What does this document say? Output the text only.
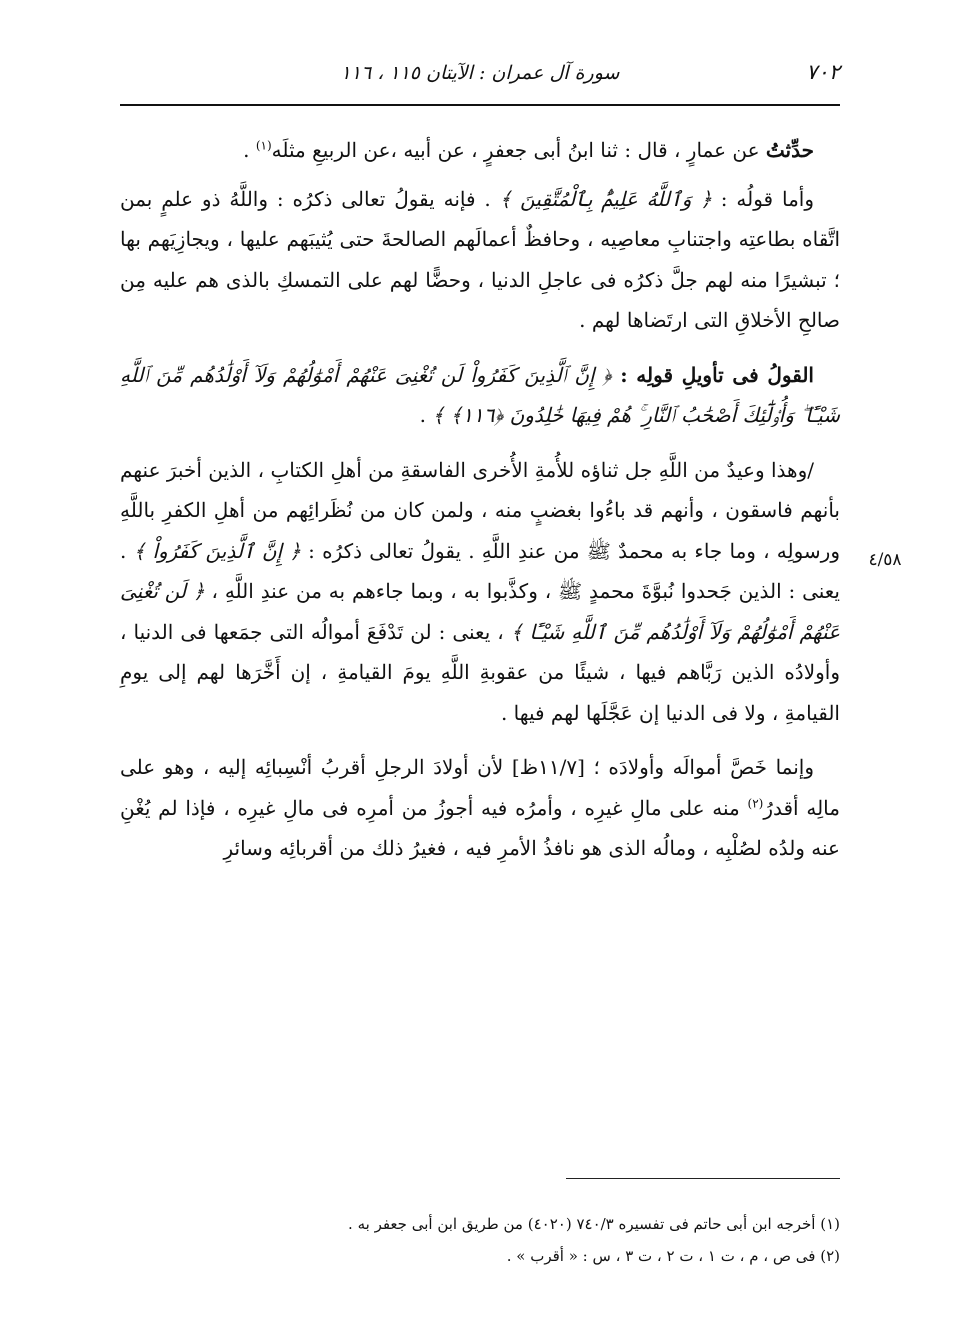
٧٠٢
سورة آل عمران : الآيتان ١١٥ ، ١١٦
٤/٥٨

حدِّثتُ عن عمارٍ ، قال : ثنا ابنُ أبى جعفرٍ ، عن أبيه ،عن الربيعِ مثلَه$^{(١)}$ .

وأما قولُه : ﴿ وَٱللَّهُ عَلِيمٌۢ بِٱلْمُتَّقِينَ ﴾ . فإنه يقولُ تعالى ذكرُه : واللَّهُ ذو علمٍ بمن اتَّقاه بطاعتِه واجتنابِ معاصِيه ، وحافظٌ أعمالَهم الصالحةَ حتى يُثيبَهم عليها ، ويجازِيَهم بها ؛ تبشيرًا منه لهم جلَّ ذكرُه فى عاجلِ الدنيا ، وحضًّا لهم على التمسكِ بالذى هم عليه مِن صالحِ الأخلاقِ التى ارتَضاها لهم .

القولُ فى تأويلِ قولِه : ﴿ إِنَّ ٱلَّذِينَ كَفَرُواْ لَن تُغْنِىَ عَنْهُمْ أَمْوَٰلُهُمْ وَلَآ أَوْلَٰدُهُم مِّنَ ٱللَّهِ شَيْـًٔا ۖ وَأُو۟لَٰٓئِكَ أَصْحَٰبُ ٱلنَّارِ ۚ هُمْ فِيهَا خَٰلِدُونَ ﴿١١٦﴾ ﴾ .

/وهذا وعيدٌ من اللَّهِ جل ثناؤه للأُمةِ الأُخرى الفاسقةِ من أهلِ الكتابِ ، الذين أخبرَ عنهم بأنهم فاسقون ، وأنهم قد باءُوا بغضبٍ منه ، ولمن كان من نُظَرائِهم من أهلِ الكفرِ باللَّهِ ورسولِه ، وما جاء به محمدٌ ﷺ من عندِ اللَّهِ . يقولُ تعالى ذكرُه : ﴿ إِنَّ ٱلَّذِينَ كَفَرُواْ ﴾ . يعنى : الذين جَحدوا نُبوَّةَ محمدٍ ﷺ ، وكذَّبوا به ، وبما جاءهم به من عندِ اللَّهِ ، ﴿ لَن تُغْنِىَ عَنْهُمْ أَمْوَٰلُهُمْ وَلَآ أَوْلَٰدُهُم مِّنَ ٱللَّهِ شَيْـًٔا ﴾ ، يعنى : لن تَدْفَعَ أموالُه التى جمَعها فى الدنيا ، وأولادُه الذين رَبَّاهم فيها ، شيئًا من عقوبةِ اللَّهِ يومَ القيامةِ ، إن أَخَّرَها لهم إلى يومِ القيامةِ ، ولا فى الدنيا إن عَجَّلَها لهم فيها .

وإنما خَصَّ أموالَه وأولادَه ؛ [١١/٧ظ] لأن أولادَ الرجلِ أقربُ أنْسِبائِه إليه ، وهو على مالِه أقدرُ$^{(٢)}$ منه على مالِ غيرِه ، وأمرُه فيه أجوزُ من أمرِه فى مالِ غيرِه ، فإذا لم يُغْنِ عنه ولدُه لصُلْبِه ، ومالُه الذى هو نافذُ الأمرِ فيه ، فغيرُ ذلك من أقربائِه وسائرِ

(١) أخرجه ابن أبى حاتم فى تفسيره ٧٤٠/٣ (٤٠٢٠) من طريق ابن أبى جعفر به .

(٢) فى ص ، م ، ت ١ ، ت ٢ ، ت ٣ ، س : « أقرب » .
